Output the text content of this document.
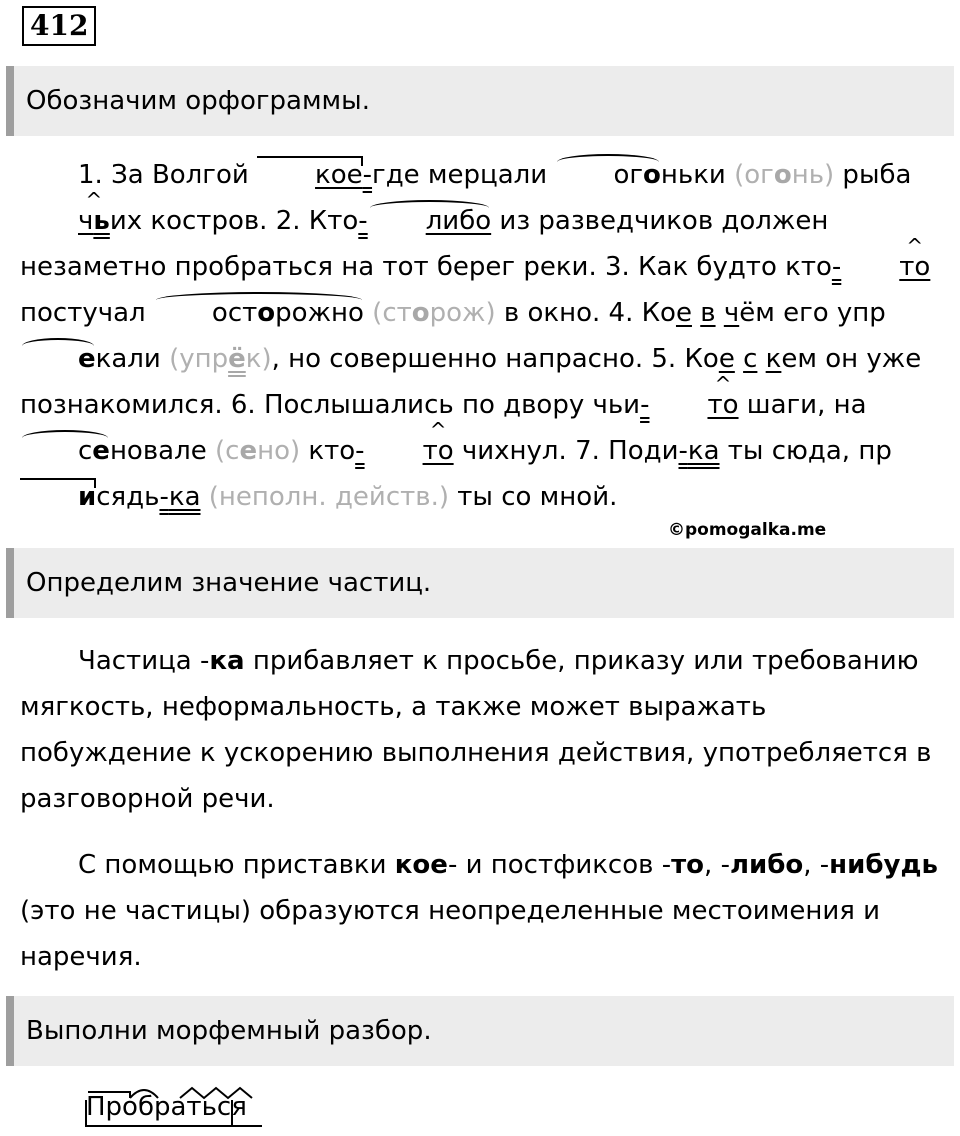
412
Обозначим орфограммы.

1. За Волгой кое-где мерцали огоньки (огонь) рыба^ чьих костров. 2. Кто- либо из разведчиков должен незаметно пробраться на тот берег реки. 3. Как будто кто- ^ то постучал осторожно (сторож) в окно. 4. Кое в чём его упрекали (упрёк), но совершенно напрасно. 5. Кое с кем он уже познакомился. 6. Послышались по двору чьи- ^ то шаги, на сеновале (сено) кто- ^ то чихнул. 7. Поди-ка ты сюда, присядь-ка (неполн. действ.) ты со мной.

©pomogalka.me
Определим значение частиц.

Частица -ка прибавляет к просьбе, приказу или требованию мягкость, неформальность, а также может выражать побуждение к ускорению выполнения действия, употребляется в разговорной речи.

С помощью приставки кое- и постфиксов -то, -либо, -нибудь (это не частицы) образуются неопределенные местоимения и наречия.

Выполни морфемный разбор.
Пробраться
